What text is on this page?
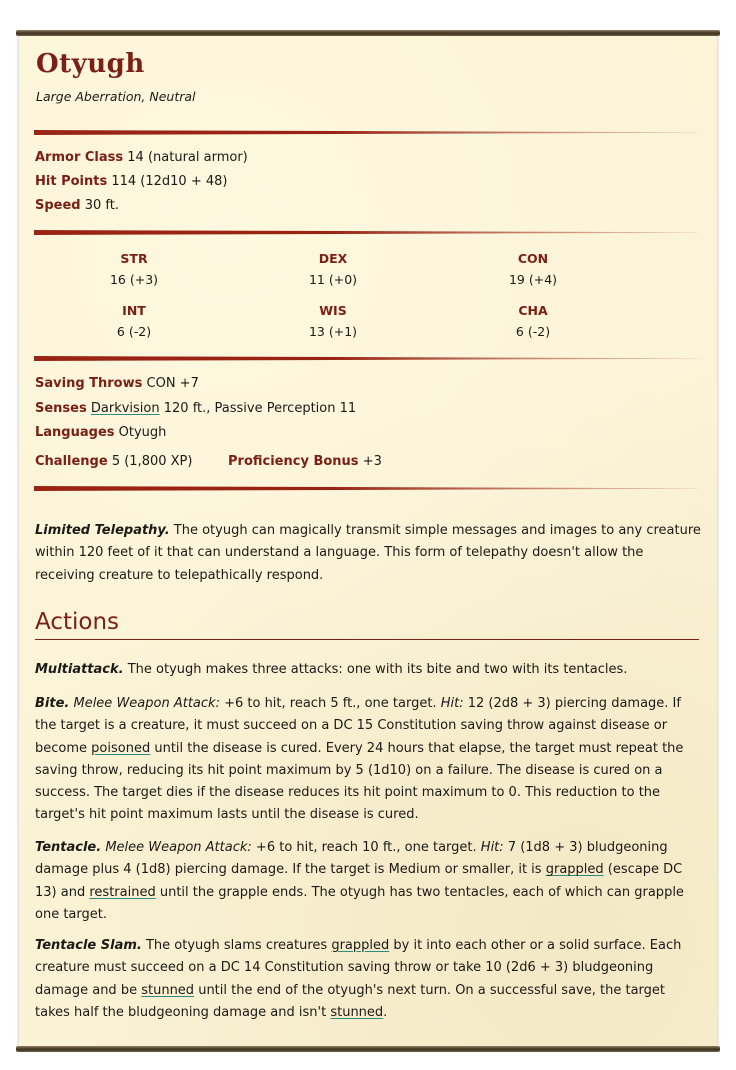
Otyugh
Large Aberration, Neutral
Armor Class 14 (natural armor)
Hit Points 114 (12d10 + 48)
Speed 30 ft.
STR
16 (+3)
DEX
11 (+0)
CON
19 (+4)
INT
6 (-2)
WIS
13 (+1)
CHA
6 (-2)
Saving Throws CON +7
Senses Darkvision 120 ft., Passive Perception 11
Languages Otyugh
Challenge 5 (1,800 XP)	Proficiency Bonus +3

Limited Telepathy. The otyugh can magically transmit simple messages and images to any creature within 120 feet of it that can understand a language. This form of telepathy doesn't allow the receiving creature to telepathically respond.

Actions

Multiattack. The otyugh makes three attacks: one with its bite and two with its tentacles.

Bite. Melee Weapon Attack: +6 to hit, reach 5 ft., one target. Hit: 12 (2d8 + 3) piercing damage. If the target is a creature, it must succeed on a DC 15 Constitution saving throw against disease or become poisoned until the disease is cured. Every 24 hours that elapse, the target must repeat the saving throw, reducing its hit point maximum by 5 (1d10) on a failure. The disease is cured on a success. The target dies if the disease reduces its hit point maximum to 0. This reduction to the target's hit point maximum lasts until the disease is cured.

Tentacle. Melee Weapon Attack: +6 to hit, reach 10 ft., one target. Hit: 7 (1d8 + 3) bludgeoning damage plus 4 (1d8) piercing damage. If the target is Medium or smaller, it is grappled (escape DC 13) and restrained until the grapple ends. The otyugh has two tentacles, each of which can grapple one target.

Tentacle Slam. The otyugh slams creatures grappled by it into each other or a solid surface. Each creature must succeed on a DC 14 Constitution saving throw or take 10 (2d6 + 3) bludgeoning damage and be stunned until the end of the otyugh's next turn. On a successful save, the target takes half the bludgeoning damage and isn't stunned.
